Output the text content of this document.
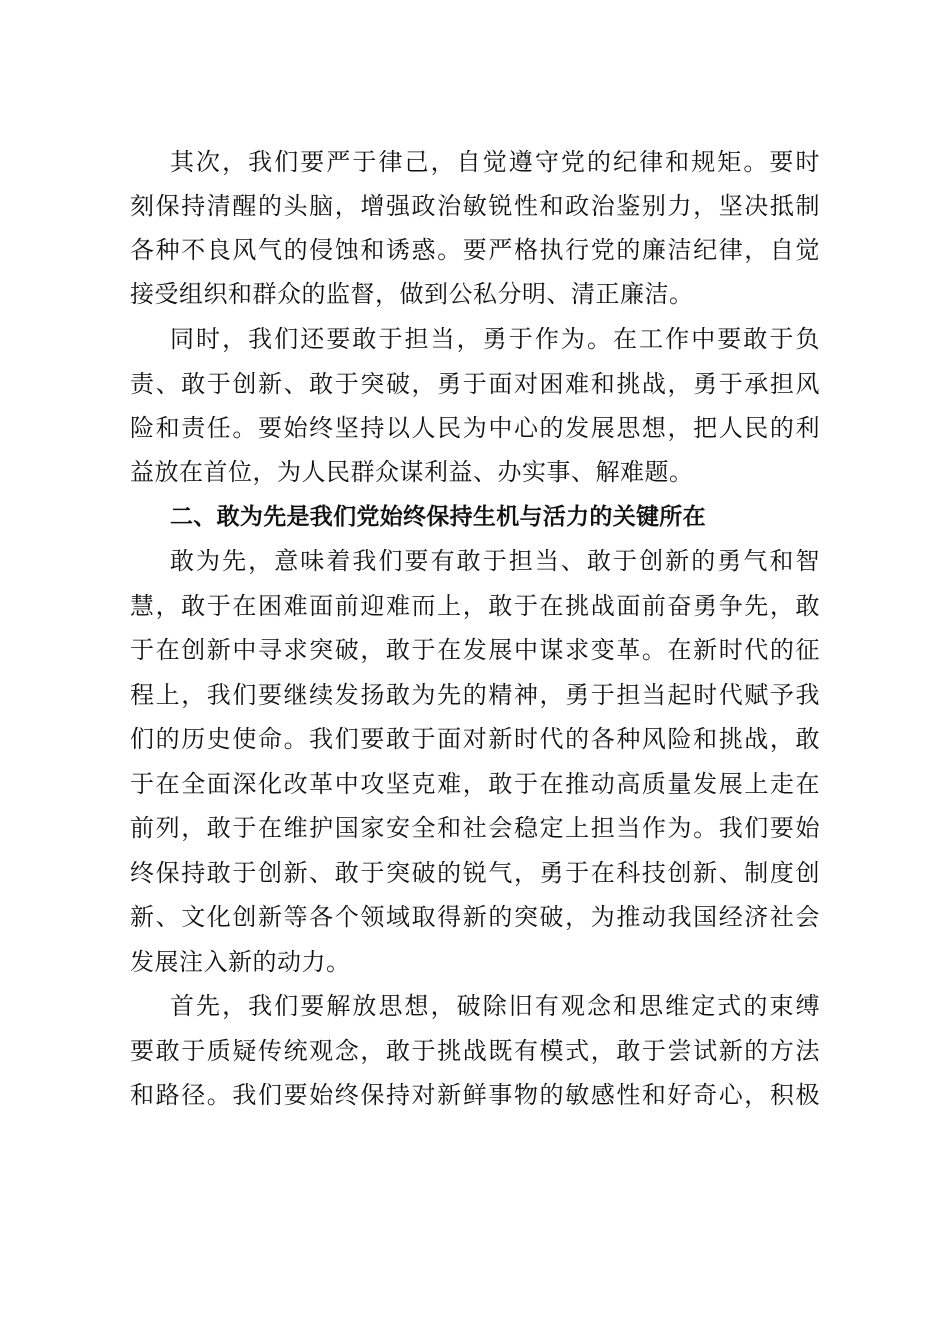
其次，我们要严于律己，自觉遵守党的纪律和规矩。要时
刻保持清醒的头脑，增强政治敏锐性和政治鉴别力，坚决抵制
各种不良风气的侵蚀和诱惑。要严格执行党的廉洁纪律，自觉
接受组织和群众的监督，做到公私分明、清正廉洁。
同时，我们还要敢于担当，勇于作为。在工作中要敢于负
责、敢于创新、敢于突破，勇于面对困难和挑战，勇于承担风
险和责任。要始终坚持以人民为中心的发展思想，把人民的利
益放在首位，为人民群众谋利益、办实事、解难题。
二、敢为先是我们党始终保持生机与活力的关键所在
敢为先，意味着我们要有敢于担当、敢于创新的勇气和智
慧，敢于在困难面前迎难而上，敢于在挑战面前奋勇争先，敢
于在创新中寻求突破，敢于在发展中谋求变革。在新时代的征
程上，我们要继续发扬敢为先的精神，勇于担当起时代赋予我
们的历史使命。我们要敢于面对新时代的各种风险和挑战，敢
于在全面深化改革中攻坚克难，敢于在推动高质量发展上走在
前列，敢于在维护国家安全和社会稳定上担当作为。我们要始
终保持敢于创新、敢于突破的锐气，勇于在科技创新、制度创
新、文化创新等各个领域取得新的突破，为推动我国经济社会
发展注入新的动力。
首先，我们要解放思想，破除旧有观念和思维定式的束缚
要敢于质疑传统观念，敢于挑战既有模式，敢于尝试新的方法
和路径。我们要始终保持对新鲜事物的敏感性和好奇心，积极
